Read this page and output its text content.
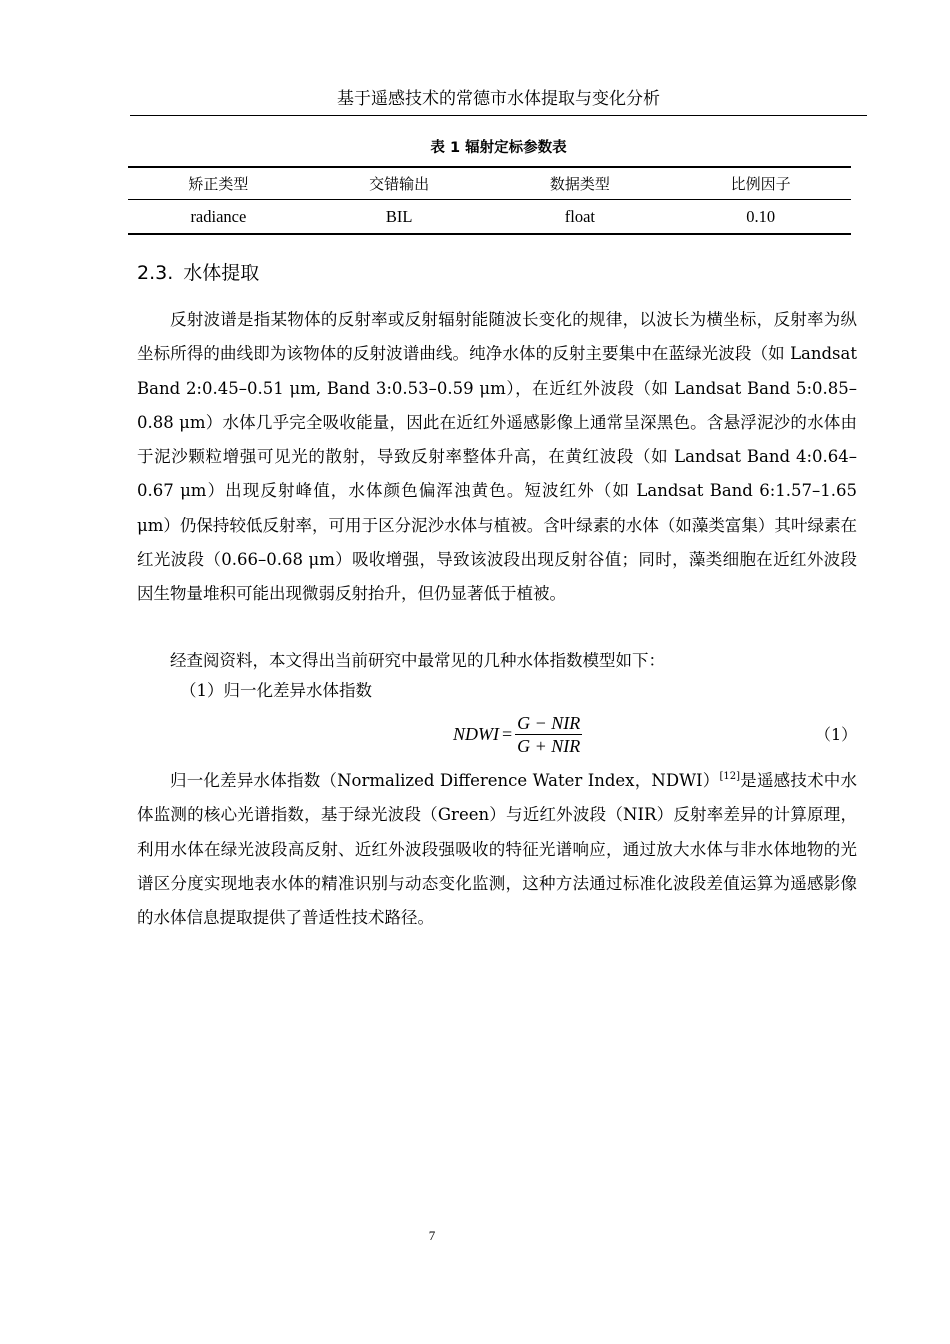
基于遥感技术的常德市水体提取与变化分析
表 1 辐射定标参数表
矫正类型	交错输出	数据类型	比例因子
radiance	BIL	float	0.10
2.3. 水体提取

反射波谱是指某物体的反射率或反射辐射能随波长变化的规律，以波长为横坐标，反射率为纵坐标所得的曲线即为该物体的反射波谱曲线。纯净水体的反射主要集中在蓝绿光波段（如 Landsat Band 2:0.45–0.51 μm, Band 3:0.53–0.59 μm），在近红外波段（如 Landsat Band 5:0.85–0.88 μm）水体几乎完全吸收能量，因此在近红外遥感影像上通常呈深黑色。含悬浮泥沙的水体由于泥沙颗粒增强可见光的散射，导致反射率整体升高，在黄红波段（如 Landsat Band 4:0.64–0.67 μm）出现反射峰值，水体颜色偏浑浊黄色。短波红外（如 Landsat Band 6:1.57–1.65 μm）仍保持较低反射率，可用于区分泥沙水体与植被。含叶绿素的水体（如藻类富集）其叶绿素在红光波段（0.66–0.68 μm）吸收增强，导致该波段出现反射谷值；同时，藻类细胞在近红外波段因生物量堆积可能出现微弱反射抬升，但仍显著低于植被。

经查阅资料，本文得出当前研究中最常见的几种水体指数模型如下：

（1）归一化差异水体指数
NDWI = $\frac{\text{G − NIR}}{\text{G + NIR}}$	（1）

归一化差异水体指数（Normalized Difference Water Index，NDWI）[12]是遥感技术中水体监测的核心光谱指数，基于绿光波段（Green）与近红外波段（NIR）反射率差异的计算原理，利用水体在绿光波段高反射、近红外波段强吸收的特征光谱响应，通过放大水体与非水体地物的光谱区分度实现地表水体的精准识别与动态变化监测，这种方法通过标准化波段差值运算为遥感影像的水体信息提取提供了普适性技术路径。

7
